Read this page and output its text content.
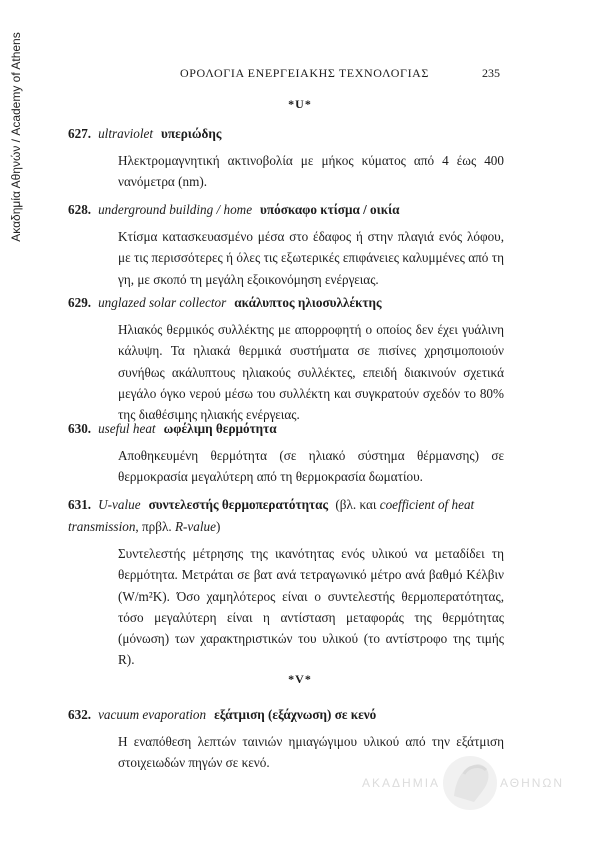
Ακαδημία Αθηνών / Academy of Athens	ΟΡΟΛΟΓΙΑ ΕΝΕΡΓΕΙΑΚΗΣ ΤΕΧΝΟΛΟΓΙΑΣ	235
*U*
627. ultraviolet υπεριώδης
Ηλεκτρομαγνητική ακτινοβολία με μήκος κύματος από 4 έως 400 νανόμετρα (nm).
628. underground building / home υπόσκαφο κτίσμα / οικία
Κτίσμα κατασκευασμένο μέσα στο έδαφος ή στην πλαγιά ενός λόφου, με τις περισσότερες ή όλες τις εξωτερικές επιφάνειες καλυμμένες από τη γη, με σκοπό τη μεγάλη εξοικονόμηση ενέργειας.
629. unglazed solar collector ακάλυπτος ηλιοσυλλέκτης
Ηλιακός θερμικός συλλέκτης με απορροφητή ο οποίος δεν έχει γυάλινη κάλυψη. Τα ηλιακά θερμικά συστήματα σε πισίνες χρησιμοποιούν συνήθως ακάλυπτους ηλιακούς συλλέκτες, επειδή διακινούν σχετικά μεγάλο όγκο νερού μέσω του συλλέκτη και συγκρατούν σχεδόν το 80% της διαθέσιμης ηλιακής ενέργειας.
630. useful heat ωφέλιμη θερμότητα
Αποθηκευμένη θερμότητα (σε ηλιακό σύστημα θέρμανσης) σε θερμοκρασία μεγαλύτερη από τη θερμοκρασία δωματίου.
631. U-value συντελεστής θερμοπερατότητας (βλ. και coefficient of heat transmission, πρβλ. R-value)
Συντελεστής μέτρησης της ικανότητας ενός υλικού να μεταδίδει τη θερμότητα. Μετράται σε βατ ανά τετραγωνικό μέτρο ανά βαθμό Κέλβιν (W/m²K). Όσο χαμηλότερος είναι ο συντελεστής θερμοπερατότητας, τόσο μεγαλύτερη είναι η αντίσταση μεταφοράς της θερμότητας (μόνωση) των χαρακτηριστικών του υλικού (το αντίστροφο της τιμής R).
*V*
632. vacuum evaporation εξάτμιση (εξάχνωση) σε κενό
Η εναπόθεση λεπτών ταινιών ημιαγώγιμου υλικού από την εξάτμιση στοιχειωδών πηγών σε κενό.
ΑΚΑΔΗΜΙΑ	ΑΘΗΝΩΝ
